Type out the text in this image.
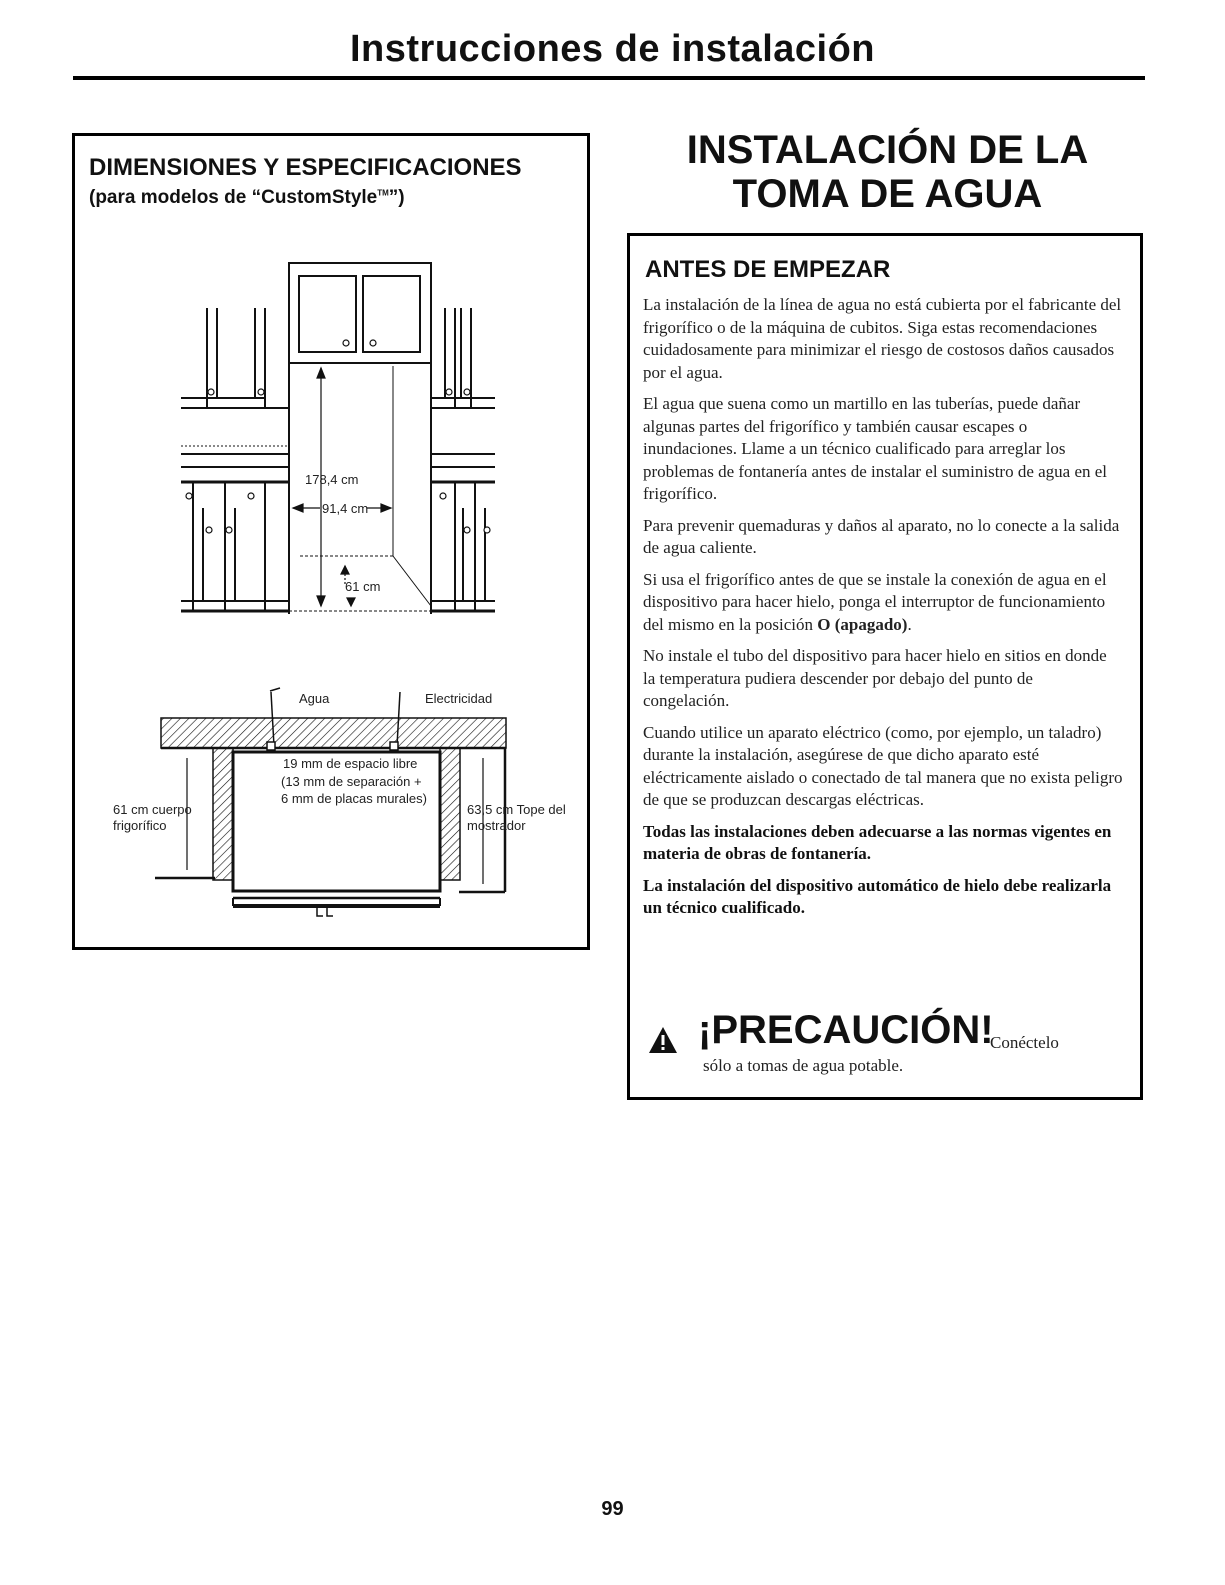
Instrucciones de instalación
DIMENSIONES Y ESPECIFICACIONES
(para modelos de “CustomStyle™”)
178,4 cm
91,4 cm
61 cm
Agua	Electricidad
19 mm de espacio libre
(13 mm de separación +
6 mm de placas murales)
61 cm cuerpo
frigorífico
63,5 cm Tope del
mostrador
INSTALACIÓN DE LA
TOMA DE AGUA
ANTES DE EMPEZAR

La instalación de la línea de agua no está cubierta por el fabricante del frigorífico o de la máquina de cubitos. Siga estas recomendaciones cuidadosamente para minimizar el riesgo de costosos daños causados por el agua.

El agua que suena como un martillo en las tuberías, puede dañar algunas partes del frigorífico y también causar escapes o inundaciones. Llame a un técnico cualificado para arreglar los problemas de fontanería antes de instalar el suministro de agua en el frigorífico.

Para prevenir quemaduras y daños al aparato, no lo conecte a la salida de agua caliente.

Si usa el frigorífico antes de que se instale la conexión de agua en el dispositivo para hacer hielo, ponga el interruptor de funcionamiento del mismo en la posición O (apagado).

No instale el tubo del dispositivo para hacer hielo en sitios en donde la temperatura pudiera descender por debajo del punto de congelación.

Cuando utilice un aparato eléctrico (como, por ejemplo, un taladro) durante la instalación, asegúrese de que dicho aparato esté eléctricamente aislado o conectado de tal manera que no exista peligro de que se produzcan descargas eléctricas.

Todas las instalaciones deben adecuarse a las normas vigentes en materia de obras de fontanería.

La instalación del dispositivo automático de hielo debe realizarla un técnico cualificado.

¡PRECAUCIÓN!
Conéctelo
sólo a tomas de agua potable.
99
